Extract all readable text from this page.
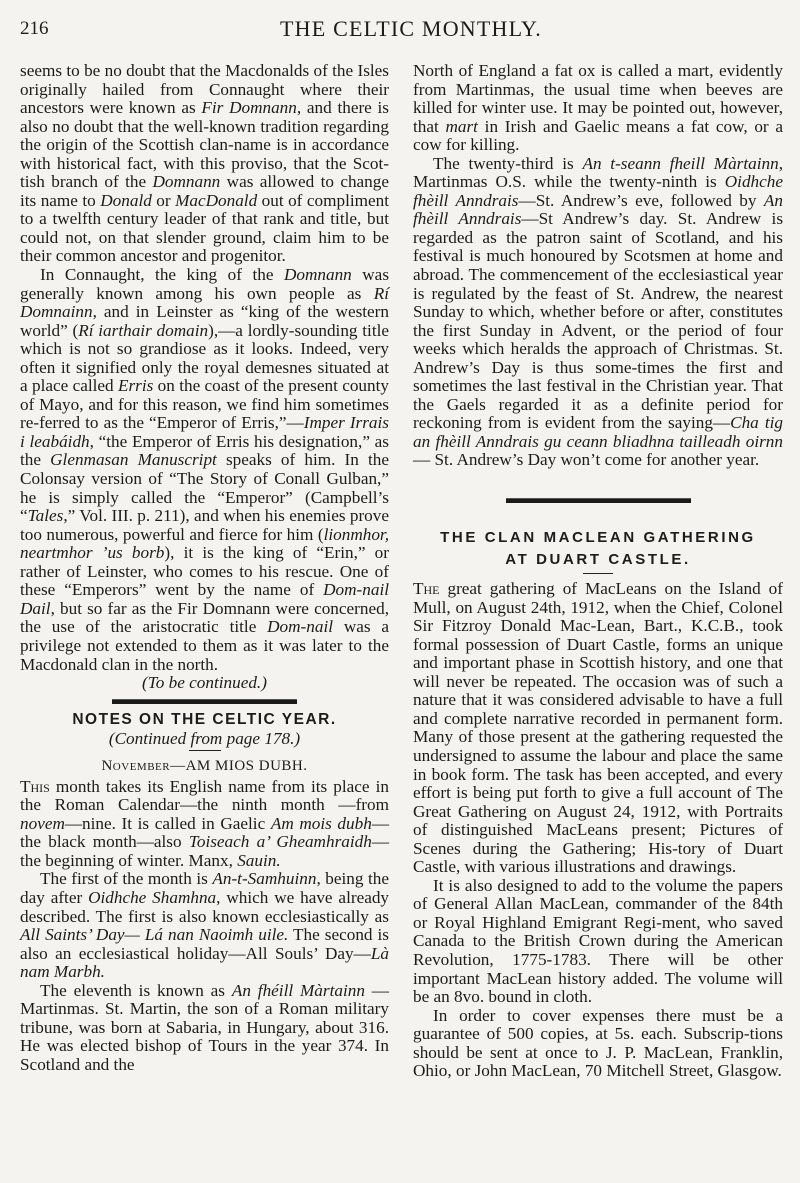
216	THE CELTIC MONTHLY.

seems to be no doubt that the Macdonalds of the Isles originally hailed from Connaught where their ancestors were known as Fir Domnann, and there is also no doubt that the well-known tradition regarding the origin of the Scottish clan-name is in accordance with historical fact, with this proviso, that the Scot-tish branch of the Domnann was allowed to change its name to Donald or MacDonald out of compliment to a twelfth century leader of that rank and title, but could not, on that slender ground, claim him to be their common ancestor and progenitor.

In Connaught, the king of the Domnann was generally known among his own people as Rí Domnainn, and in Leinster as “king of the western world” (Rí iarthair domain),—a lordly-sounding title which is not so grandiose as it looks. Indeed, very often it signified only the royal demesnes situated at a place called Erris on the coast of the present county of Mayo, and for this reason, we find him sometimes re-ferred to as the “Emperor of Erris,”—Imper Irrais i leabáidh, “the Emperor of Erris his designation,” as the Glenmasan Manuscript speaks of him. In the Colonsay version of “The Story of Conall Gulban,” he is simply called the “Emperor” (Campbell’s “Tales,” Vol. III. p. 211), and when his enemies prove too numerous, powerful and fierce for him (lionmhor, neartmhor ’us borb), it is the king of “Erin,” or rather of Leinster, who comes to his rescue. One of these “Emperors” went by the name of Dom-nail Dail, but so far as the Fir Domnann were concerned, the use of the aristocratic title Dom-nail was a privilege not extended to them as it was later to the Macdonald clan in the north.

(To be continued.)

NOTES ON THE CELTIC YEAR.

(Continued from page 178.)

November—AM MIOS DUBH.

This month takes its English name from its place in the Roman Calendar—the ninth month —from novem—nine. It is called in Gaelic Am mois dubh—the black month—also Toiseach a’ Gheamhraidh—the beginning of winter. Manx, Sauin.

The first of the month is An-t-Samhuinn, being the day after Oidhche Shamhna, which we have already described. The first is also known ecclesiastically as All Saints’ Day— Lá nan Naoimh uile. The second is also an ecclesiastical holiday—All Souls’ Day—Là nam Marbh.

The eleventh is known as An fhéill Màrtainn —Martinmas. St. Martin, the son of a Roman military tribune, was born at Sabaria, in Hungary, about 316. He was elected bishop of Tours in the year 374. In Scotland and the

North of England a fat ox is called a mart, evidently from Martinmas, the usual time when beeves are killed for winter use. It may be pointed out, however, that mart in Irish and Gaelic means a fat cow, or a cow for killing.

The twenty-third is An t-seann fheill Màrtainn, Martinmas O.S. while the twenty-ninth is Oidhche fhèill Anndrais—St. Andrew’s eve, followed by An fhèill Anndrais—St Andrew’s day. St. Andrew is regarded as the patron saint of Scotland, and his festival is much honoured by Scotsmen at home and abroad. The commencement of the ecclesiastical year is regulated by the feast of St. Andrew, the nearest Sunday to which, whether before or after, constitutes the first Sunday in Advent, or the period of four weeks which heralds the approach of Christmas. St. Andrew’s Day is thus some-times the first and sometimes the last festival in the Christian year. That the Gaels regarded it as a definite period for reckoning from is evident from the saying—Cha tig an fhèill Anndrais gu ceann bliadhna tailleadh oirnn— St. Andrew’s Day won’t come for another year.

THE CLAN MACLEAN GATHERING
AT DUART CASTLE.

The great gathering of MacLeans on the Island of Mull, on August 24th, 1912, when the Chief, Colonel Sir Fitzroy Donald Mac-Lean, Bart., K.C.B., took formal possession of Duart Castle, forms an unique and important phase in Scottish history, and one that will never be repeated. The occasion was of such a nature that it was considered advisable to have a full and complete narrative recorded in permanent form. Many of those present at the gathering requested the undersigned to assume the labour and place the same in book form. The task has been accepted, and every effort is being put forth to give a full account of The Great Gathering on August 24, 1912, with Portraits of distinguished MacLeans present; Pictures of Scenes during the Gathering; His-tory of Duart Castle, with various illustrations and drawings.

It is also designed to add to the volume the papers of General Allan MacLean, commander of the 84th or Royal Highland Emigrant Regi-ment, who saved Canada to the British Crown during the American Revolution, 1775-1783. There will be other important MacLean history added. The volume will be an 8vo. bound in cloth.

In order to cover expenses there must be a guarantee of 500 copies, at 5s. each. Subscrip-tions should be sent at once to J. P. MacLean, Franklin, Ohio, or John MacLean, 70 Mitchell Street, Glasgow.
